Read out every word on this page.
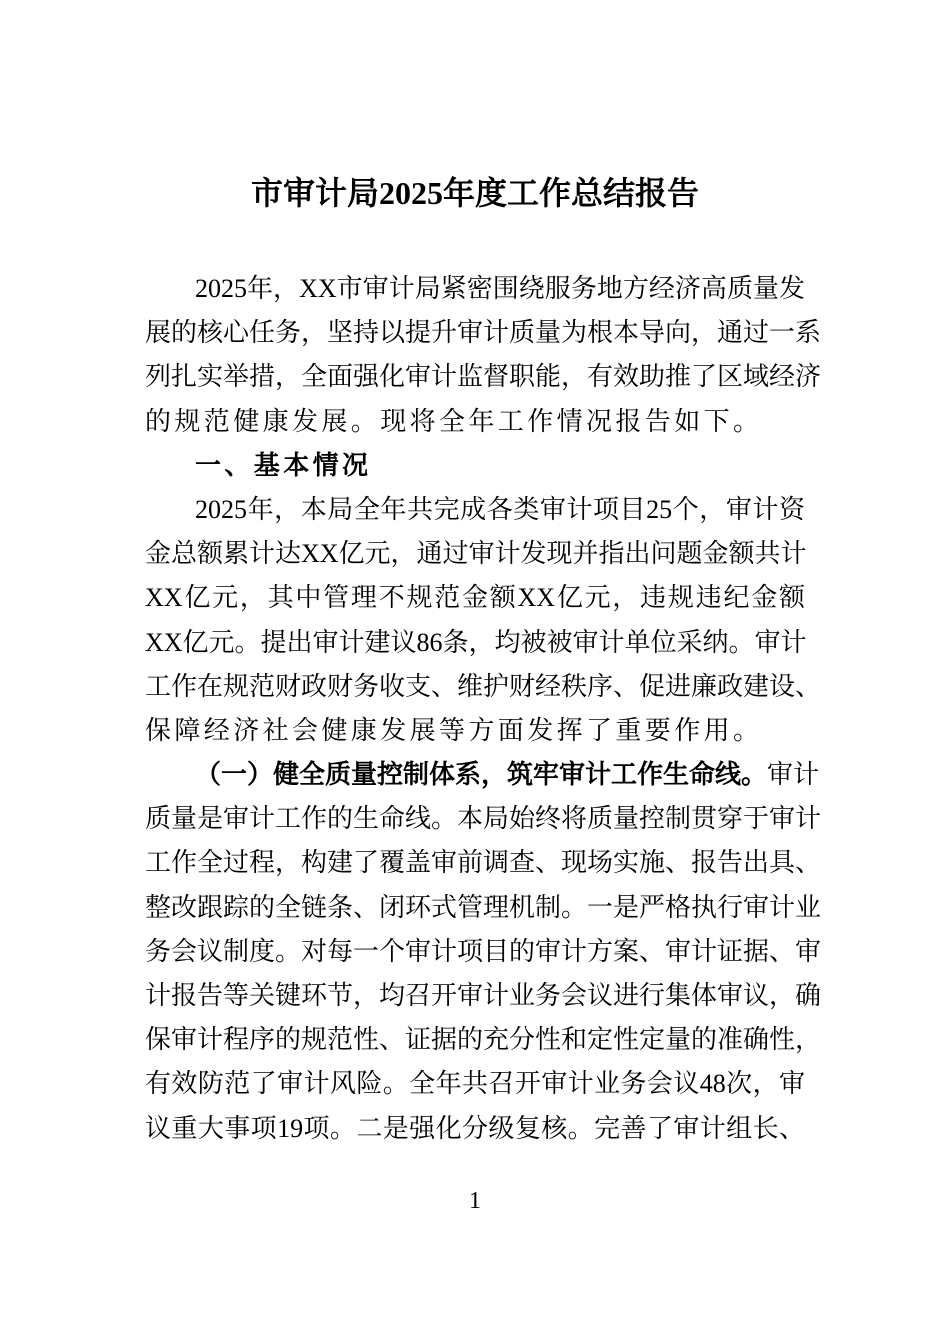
市审计局2025年度工作总结报告
2025年，XX市审计局紧密围绕服务地方经济高质量发
展的核心任务，坚持以提升审计质量为根本导向，通过一系
列扎实举措，全面强化审计监督职能，有效助推了区域经济
的规范健康发展。现将全年工作情况报告如下。
一、基本情况
2025年，本局全年共完成各类审计项目25个，审计资
金总额累计达XX亿元，通过审计发现并指出问题金额共计
XX亿元，其中管理不规范金额XX亿元，违规违纪金额
XX亿元。提出审计建议86条，均被被审计单位采纳。审计
工作在规范财政财务收支、维护财经秩序、促进廉政建设、
保障经济社会健康发展等方面发挥了重要作用。
（一）健全质量控制体系，筑牢审计工作生命线。审计
质量是审计工作的生命线。本局始终将质量控制贯穿于审计
工作全过程，构建了覆盖审前调查、现场实施、报告出具、
整改跟踪的全链条、闭环式管理机制。一是严格执行审计业
务会议制度。对每一个审计项目的审计方案、审计证据、审
计报告等关键环节，均召开审计业务会议进行集体审议，确
保审计程序的规范性、证据的充分性和定性定量的准确性，
有效防范了审计风险。全年共召开审计业务会议48次，审
议重大事项19项。二是强化分级复核。完善了审计组长、
1
